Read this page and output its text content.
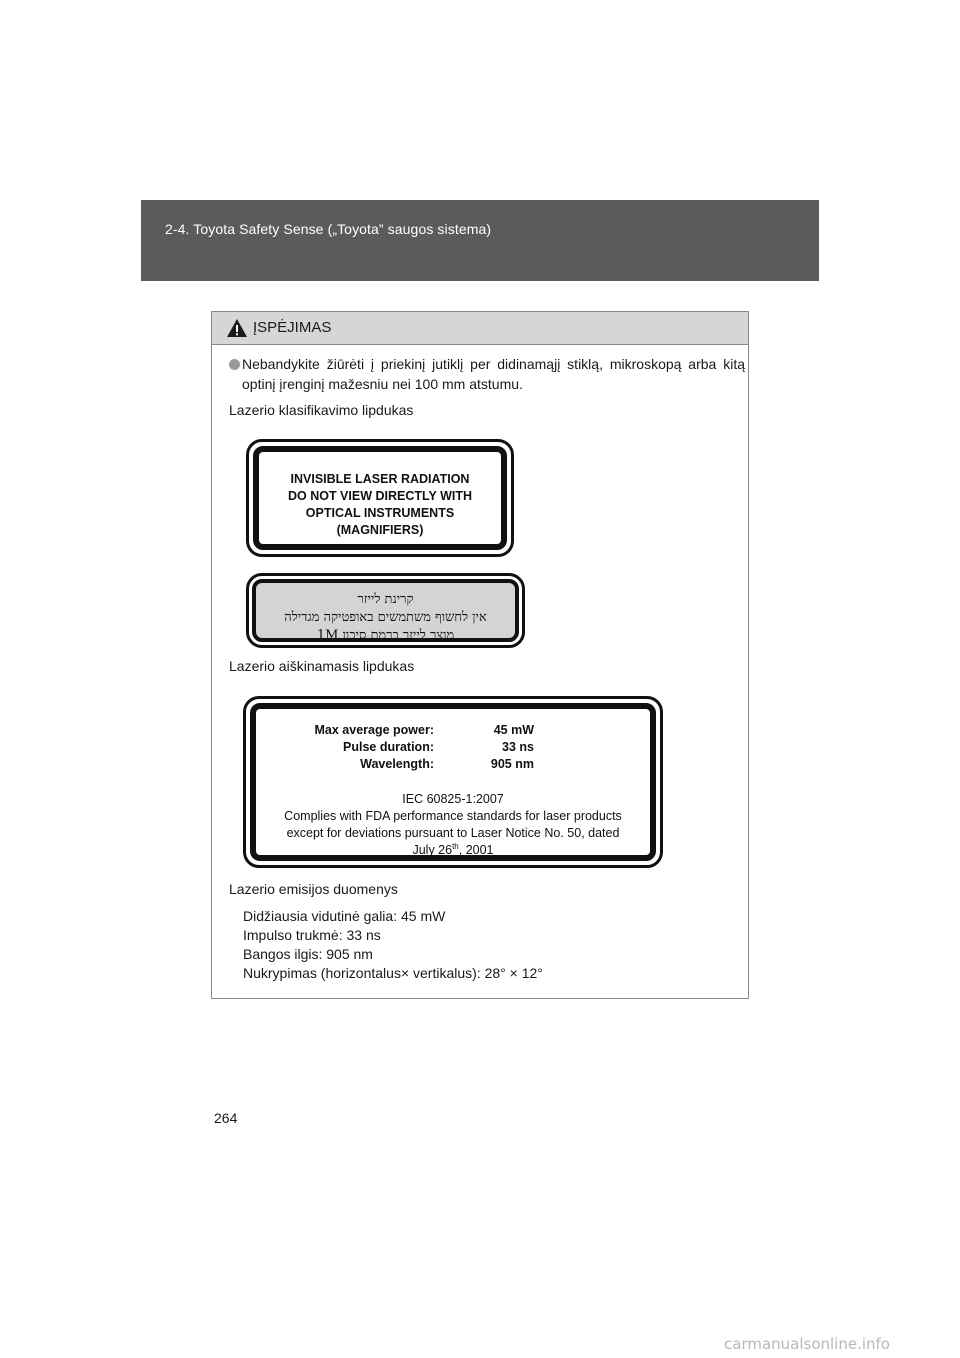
2-4. Toyota Safety Sense („Toyota” saugos sistema)
ĮSPĖJIMAS
Nebandykite žiūrėti į priekinį jutiklį per didinamąjį stiklą, mikroskopą arba kitą optinį įrenginį mažesniu nei 100 mm atstumu.
Lazerio klasifikavimo lipdukas
INVISIBLE LASER RADIATION
DO NOT VIEW DIRECTLY WITH
OPTICAL INSTRUMENTS
(MAGNIFIERS)
קרינת לייזר
אין לחשוף משתמשים באופטיקה מגדילה
מוצר לייזר ברמת סיכון 1M
Lazerio aiškinamasis lipdukas
Max average power:	45 mW
Pulse duration:	33 ns
Wavelength:	905 nm
IEC 60825-1:2007
Complies with FDA performance standards for laser products
except for deviations pursuant to Laser Notice No. 50, dated
July 26th, 2001
Lazerio emisijos duomenys
Didžiausia vidutinė galia: 45 mW
Impulso trukmė: 33 ns
Bangos ilgis: 905 nm
Nukrypimas (horizontalus× vertikalus): 28° × 12°
264
carmanualsonline.info
